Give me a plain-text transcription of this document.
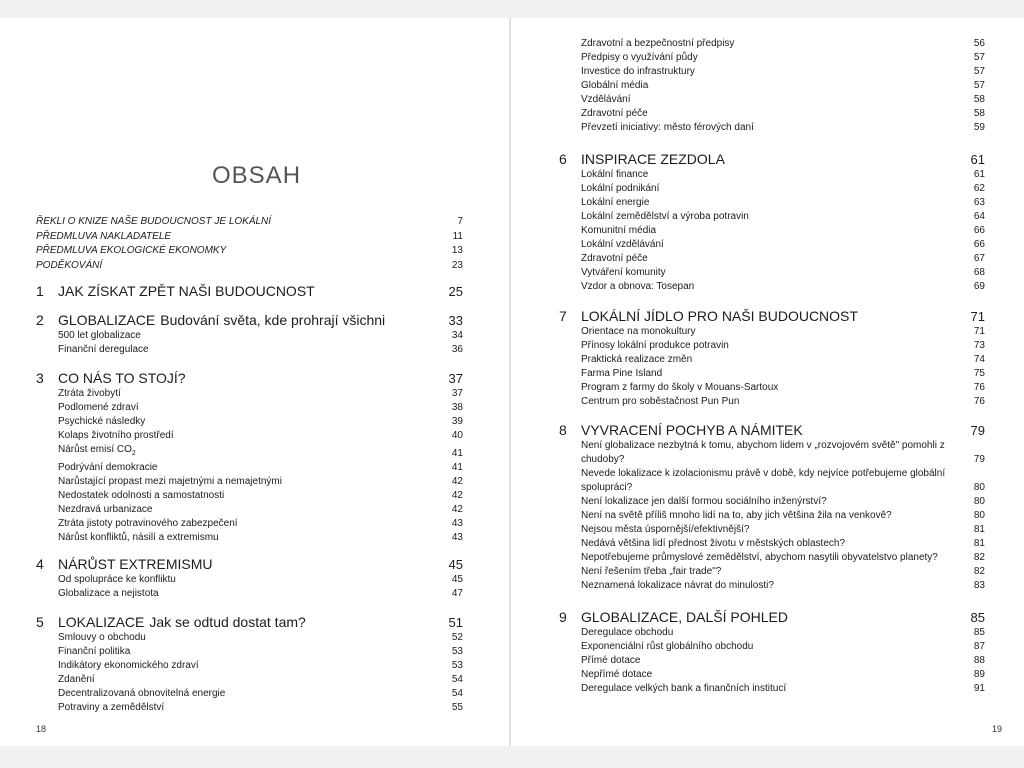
OBSAH
ŘEKLI O KNIZE NAŠE BUDOUCNOST JE LOKÁLNÍ	7
PŘEDMLUVA NAKLADATELE	11
PŘEDMLUVA EKOLOGICKÉ EKONOMKY	13
PODĚKOVÁNÍ	23
1	JAK ZÍSKAT ZPĚT NAŠI BUDOUCNOST	25
2	GLOBALIZACE Budování světa, kde prohrají všichni	33
500 let globalizace	34
Finanční deregulace	36
3	CO NÁS TO STOJÍ?	37
Ztráta živobytí	37
Podlomené zdraví	38
Psychické následky	39
Kolaps životního prostředí	40
Nárůst emisí $CO_2$	41
Podrývání demokracie	41
Narůstající propast mezi majetnými a nemajetnými	42
Nedostatek odolnosti a samostatnosti	42
Nezdravá urbanizace	42
Ztráta jistoty potravinového zabezpečení	43
Nárůst konfliktů, násilí a extremismu	43
4	NÁRŮST EXTREMISMU	45
Od spolupráce ke konfliktu	45
Globalizace a nejistota	47
5	LOKALIZACE Jak se odtud dostat tam?	51
Smlouvy o obchodu	52
Finanční politika	53
Indikátory ekonomického zdraví	53
Zdanění	54
Decentralizovaná obnovitelná energie	54
Potraviny a zemědělství	55
18
Zdravotní a bezpečnostní předpisy	56
Předpisy o využívání půdy	57
Investice do infrastruktury	57
Globální média	57
Vzdělávání	58
Zdravotní péče	58
Převzetí iniciativy: město férových daní	59
6	INSPIRACE ZEZDOLA	61
Lokální finance	61
Lokální podnikání	62
Lokální energie	63
Lokální zemědělství a výroba potravin	64
Komunitní média	66
Lokální vzdělávání	66
Zdravotní péče	67
Vytváření komunity	68
Vzdor a obnova: Tosepan	69
7	LOKÁLNÍ JÍDLO PRO NAŠI BUDOUCNOST	71
Orientace na monokultury	71
Přínosy lokální produkce potravin	73
Praktická realizace změn	74
Farma Pine Island	75
Program z farmy do školy v Mouans-Sartoux	76
Centrum pro soběstačnost Pun Pun	76
8	VYVRACENÍ POCHYB A NÁMITEK	79
Není globalizace nezbytná k tomu, abychom lidem v „rozvojovém světě" pomohli z chudoby?	79
Nevede lokalizace k izolacionismu právě v době, kdy nejvíce potřebujeme globální spolupráci?	80
Není lokalizace jen další formou sociálního inženýrství?	80
Není na světě příliš mnoho lidí na to, aby jich většina žila na venkově?	80
Nejsou města úspornější/efektivnější?	81
Nedává většina lidí přednost životu v městských oblastech?	81
Nepotřebujeme průmyslové zemědělství, abychom nasytili obyvatelstvo planety?	82
Není řešením třeba „fair trade"?	82
Neznamená lokalizace návrat do minulosti?	83
9	GLOBALIZACE, DALŠÍ POHLED	85
Deregulace obchodu	85
Exponenciální růst globálního obchodu	87
Přímé dotace	88
Nepřímé dotace	89
Deregulace velkých bank a finančních institucí	91
19
